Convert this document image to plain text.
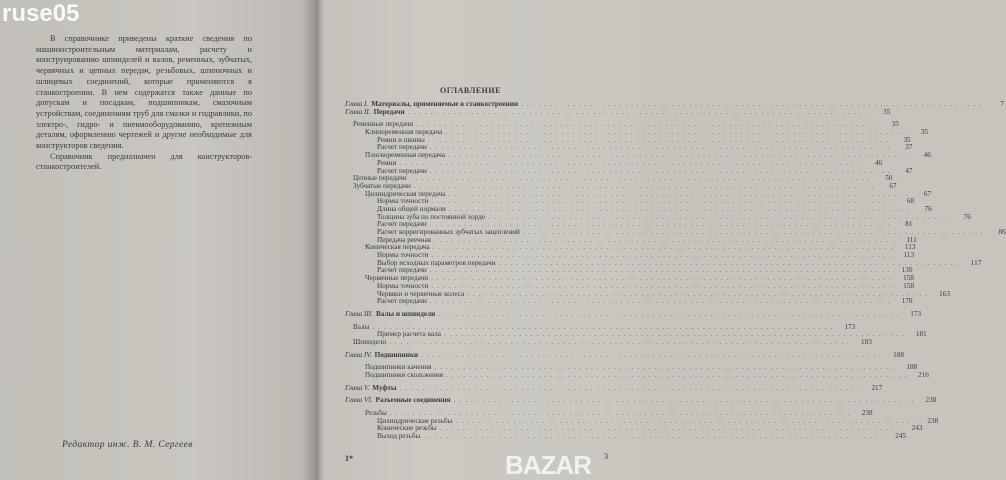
В справочнике приведены краткие сведения по машиностроительным материалам, расчету и конструированию шпинделей и валов, ременных, зубчатых, червячных и цепных передач, резьбовых, шпоночных и шлицевых соединений, которые применяются в станкостроении. В нем содержатся также данные по допускам и посадкам, подшипникам, смазочным устройствам, соединениям труб для смазки и гидравлики, по электро-, гидро- и пневмооборудованию, крепежным деталям, оформлению чертежей и другие необходимые для конструкторов сведения.

Справочник предназначен для конструкторов-станкостроителей.

Редактор инж. В. М. Сергеев
ОГЛАВЛЕНИЕ
Глава I. Материалы, применяемые в станкостроении ................................................................................	7
Глава II. Передачи ................................................................................	35
Ременные передачи ................................................................................	35
Клиноременная передача ................................................................................	35
Ремни и шкивы ................................................................................	35
Расчет передачи ................................................................................	37
Плоскоременная передача ................................................................................	46
Ремни ................................................................................	46
Расчет передачи ................................................................................	47
Цепные передачи ................................................................................	50
Зубчатые передачи ................................................................................	67
Цилиндрическая передача ................................................................................	67
Нормы точности ................................................................................	68
Длина общей нормали ................................................................................	76
Толщина зуба по постоянной хорде ................................................................................	76
Расчет передачи ................................................................................	81
Расчет корригированных зубчатых зацеплений ................................................................................	86
Передача реечная ................................................................................	111
Коническая передача ................................................................................	113
Нормы точности ................................................................................	113
Выбор исходных параметров передачи ................................................................................	117
Расчет передачи ................................................................................	130
Червячные передачи ................................................................................	158
Нормы точности ................................................................................	158
Червяки и червячные колеса ................................................................................	163
Расчет передачи ................................................................................	170
Глава III. Валы и шпиндели ................................................................................	173
Валы ................................................................................	173
Пример расчета вала ................................................................................	181
Шпиндели ................................................................................	183
Глава IV. Подшипники ................................................................................	188
Подшипники качения ................................................................................	188
Подшипники скольжения ................................................................................	216
Глава V. Муфты ................................................................................	217
Глава VI. Разъемные соединения ................................................................................	238
Резьбы ................................................................................	238
Цилиндрические резьбы ................................................................................	238
Конические резьбы ................................................................................	243
Выход резьбы ................................................................................	245
1*	3
ruse05
BAZAR
